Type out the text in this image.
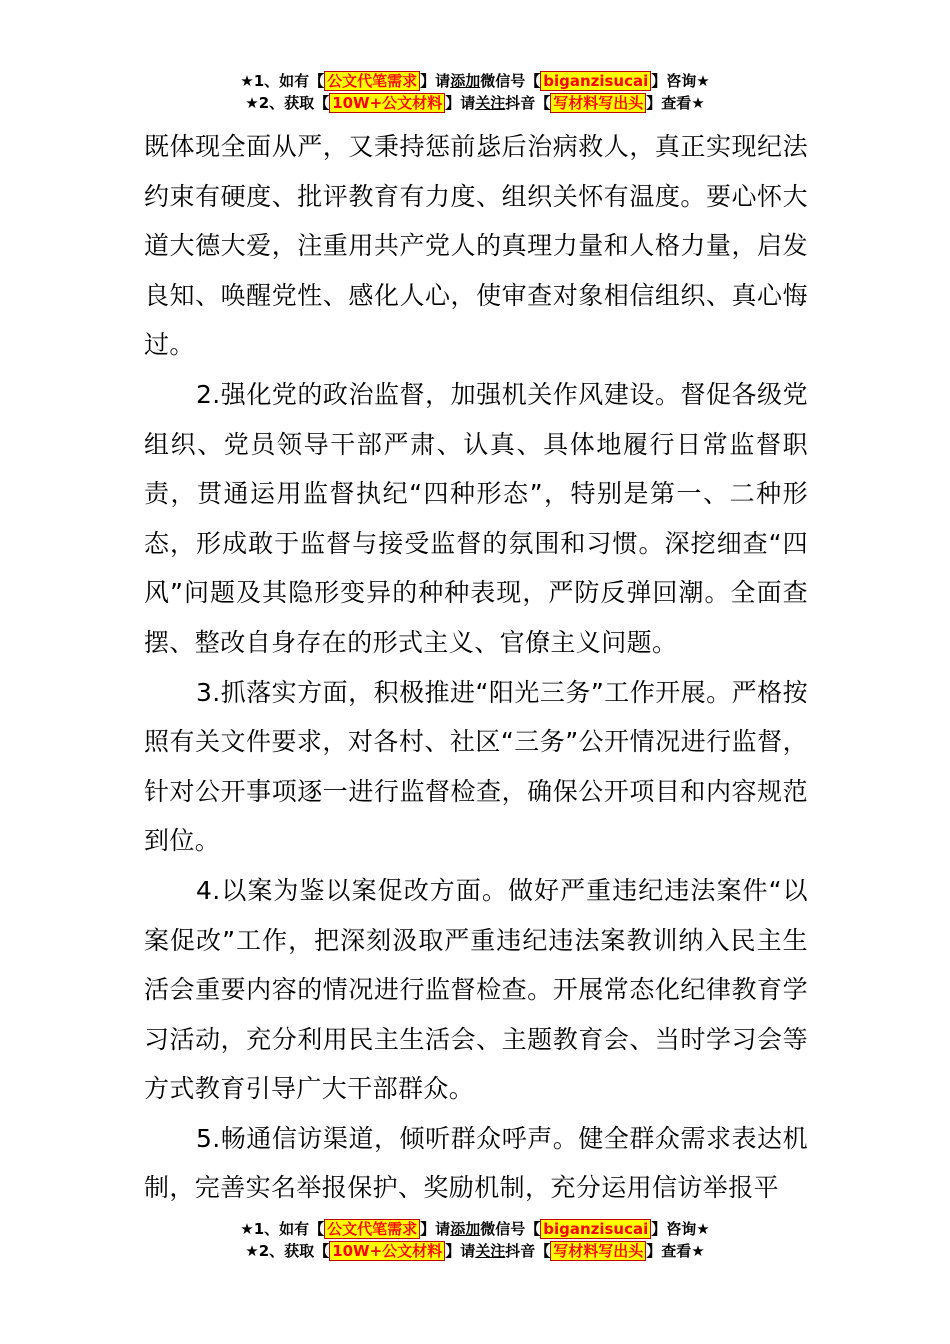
★1、如有【 公文代笔需求 】请添加微信号【 biganzisucai 】咨询★
★2、获取【 10W+公文材料 】请关注抖音【 写材料写出头 】查看★

既体现全面从严，又秉持惩前毖后治病救人，真正实现纪法约束有硬度、批评教育有力度、组织关怀有温度。要心怀大道大德大爱，注重用共产党人的真理力量和人格力量，启发良知、唤醒党性、感化人心，使审查对象相信组织、真心悔过。

2.强化党的政治监督，加强机关作风建设。督促各级党组织、党员领导干部严肃、认真、具体地履行日常监督职责，贯通运用监督执纪“四种形态”，特别是第一、二种形态，形成敢于监督与接受监督的氛围和习惯。深挖细查“四风”问题及其隐形变异的种种表现，严防反弹回潮。全面查摆、整改自身存在的形式主义、官僚主义问题。

3.抓落实方面，积极推进“阳光三务”工作开展。严格按照有关文件要求，对各村、社区“三务”公开情况进行监督，针对公开事项逐一进行监督检查，确保公开项目和内容规范到位。

4.以案为鉴以案促改方面。做好严重违纪违法案件“以案促改”工作，把深刻汲取严重违纪违法案教训纳入民主生活会重要内容的情况进行监督检查。开展常态化纪律教育学习活动，充分利用民主生活会、主题教育会、当时学习会等方式教育引导广大干部群众。

5.畅通信访渠道，倾听群众呼声。健全群众需求表达机制，完善实名举报保护、奖励机制，充分运用信访举报平

★1、如有【 公文代笔需求 】请添加微信号【 biganzisucai 】咨询★
★2、获取【 10W+公文材料 】请关注抖音【 写材料写出头 】查看★
